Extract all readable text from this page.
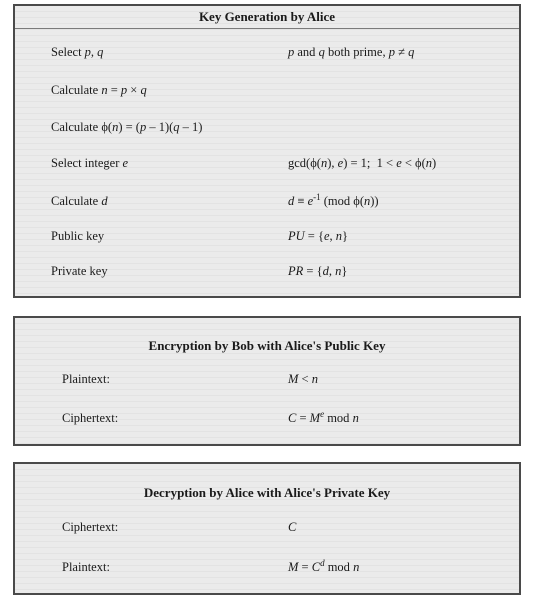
Key Generation by Alice
Select p, q	p and q both prime, p ≠ q
Calculate n = p × q
Calculate ϕ(n) = (p – 1)(q – 1)
Select integer e	gcd(ϕ(n), e) = 1;  1 < e < ϕ(n)
Calculate d	$d \equiv e^{-1}$ (mod ϕ(n))
Public key	PU = {e, n}
Private key	PR = {d, n}
Encryption by Bob with Alice's Public Key
Plaintext:	M < n
Ciphertext:	$C = M^e$ mod n
Decryption by Alice with Alice's Private Key
Ciphertext:	C
Plaintext:	$M = C^d$ mod n
